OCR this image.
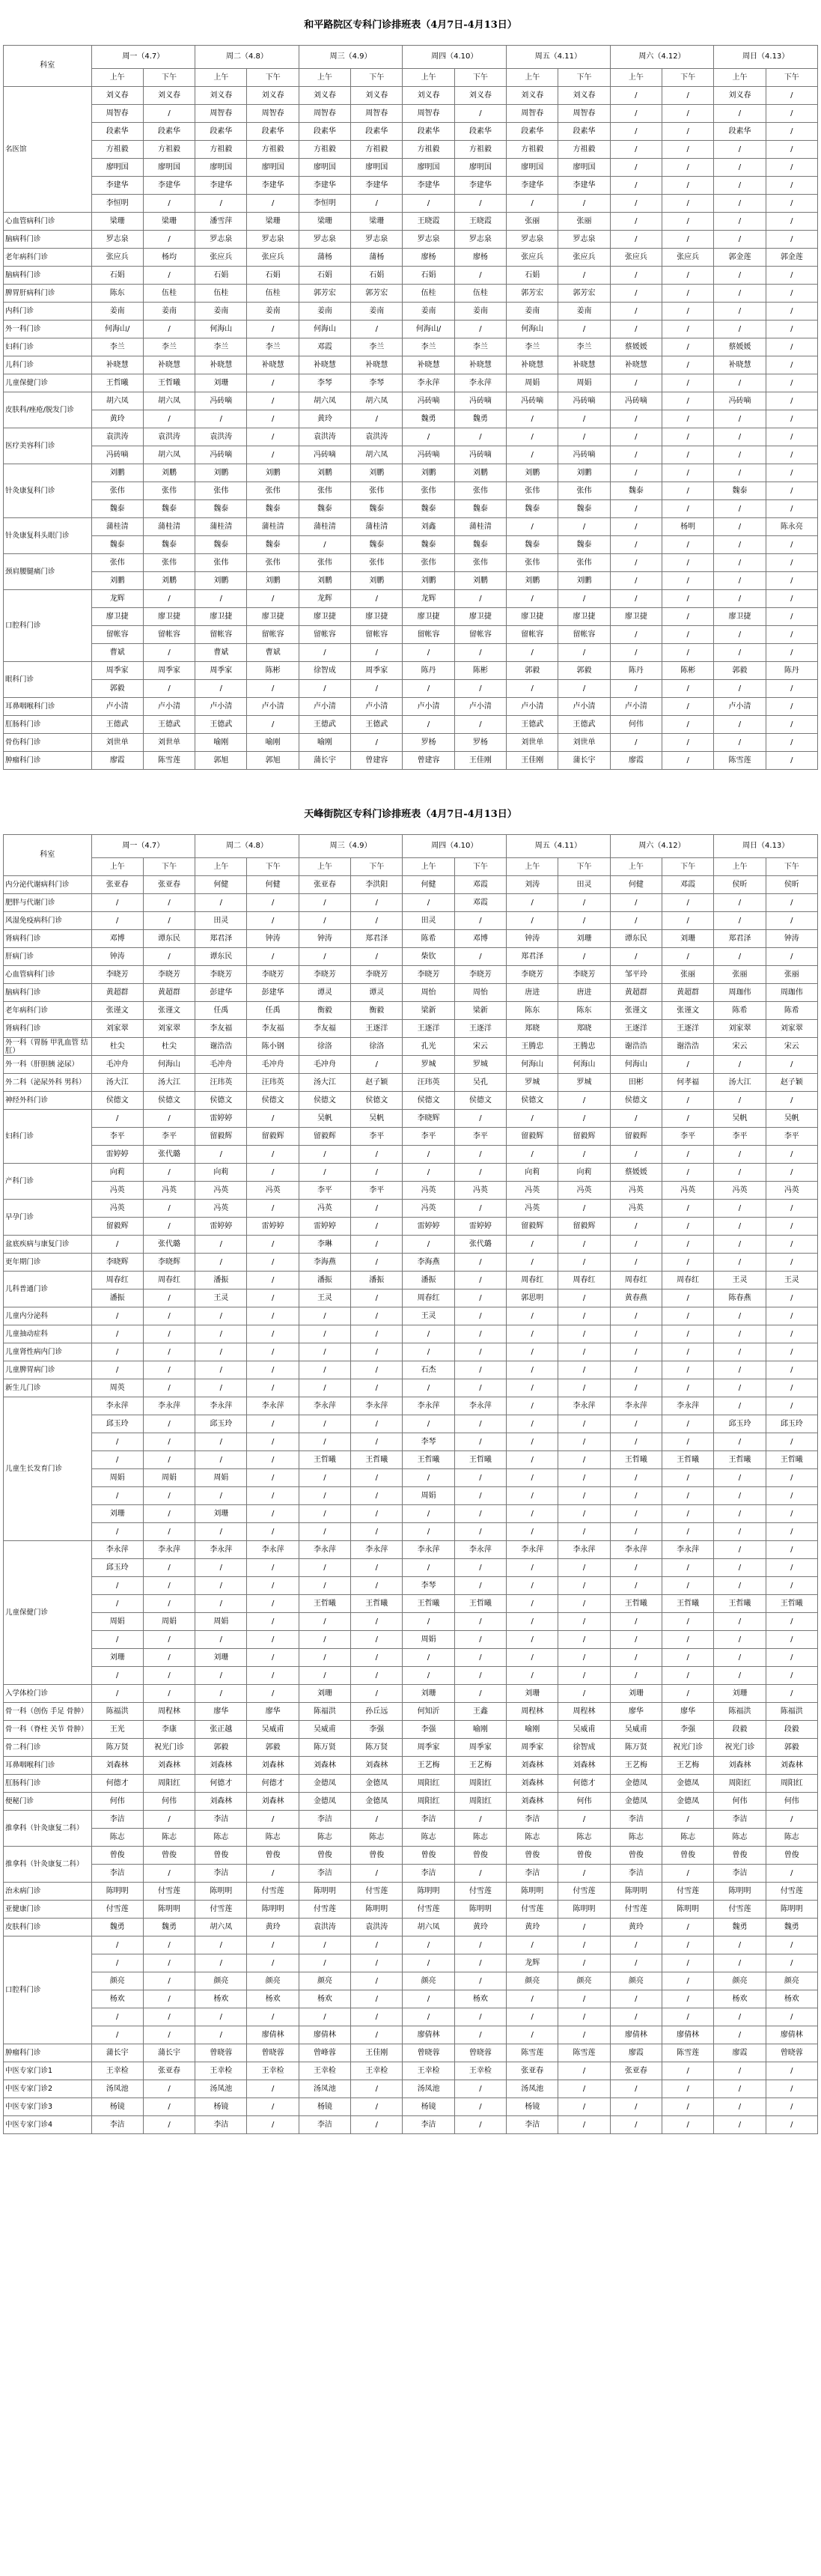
和平路院区专科门诊排班表（4月7日-4月13日）
科室	周一（4.7）		周二（4.8）		周三（4.9）		周四（4.10）		周五（4.11）		周六（4.12）		周日（4.13）	
	上午	下午	上午	下午	上午	下午	上午	下午	上午	下午	上午	下午	上午	下午
名医馆	刘义春	刘义春	刘义春	刘义春	刘义春	刘义春	刘义春	刘义春	刘义春	刘义春	/	/	刘义春	/
	周智春	/	周智春	周智春	周智春	周智春	周智春	/	周智春	周智春	/	/	/	/
	段素华	段素华	段素华	段素华	段素华	段素华	段素华	段素华	段素华	段素华	/	/	段素华	/
	方祖毅	方祖毅	方祖毅	方祖毅	方祖毅	方祖毅	方祖毅	方祖毅	方祖毅	方祖毅	/	/	/	/
	廖明国	廖明国	廖明国	廖明国	廖明国	廖明国	廖明国	廖明国	廖明国	廖明国	/	/	/	/
	李建华	李建华	李建华	李建华	李建华	李建华	李建华	李建华	李建华	李建华	/	/	/	/
	李恒明	/	/	/	李恒明	/	/	/	/	/	/	/	/	/
心血管病科门诊	梁珊	梁珊	潘雪萍	梁珊	梁珊	梁珊	王晓霞	王晓霞	张丽	张丽	/	/	/	/
脑病科门诊	罗志泉	/	罗志泉	罗志泉	罗志泉	罗志泉	罗志泉	罗志泉	罗志泉	罗志泉	/	/	/	/
老年病科门诊	张应兵	杨均	张应兵	张应兵	蒲杨	蒲杨	廖杨	廖杨	张应兵	张应兵	张应兵	张应兵	郭金莲	郭金莲
脑病科门诊	石娟	/	石娟	石娟	石娟	石娟	石娟	/	石娟	/	/	/	/	/
脾胃肝病科门诊	陈东	伍桂	伍桂	伍桂	郭芳宏	郭芳宏	伍桂	伍桂	郭芳宏	郭芳宏	/	/	/	/
内科门诊	姜南	姜南	姜南	姜南	姜南	姜南	姜南	姜南	姜南	姜南	/	/	/	/
外一科门诊	何海山/	/	何海山	/	何海山	/	何海山/	/	何海山	/	/	/	/	/
妇科门诊	李兰	李兰	李兰	李兰	邓霞	李兰	李兰	李兰	李兰	李兰	蔡媛媛	/	蔡媛媛	/
儿科门诊	补晓慧	补晓慧	补晓慧	补晓慧	补晓慧	补晓慧	补晓慧	补晓慧	补晓慧	补晓慧	补晓慧	/	补晓慧	/
儿童保健门诊	王哲曦	王哲曦	刘珊	/	李琴	李琴	李永萍	李永萍	周娟	周娟	/	/	/	/
皮肤科/痤疮/脱发门诊	胡六凤	胡六凤	冯砖嘀	/	胡六凤	胡六凤	冯砖嘀	冯砖嘀	冯砖嘀	冯砖嘀	冯砖嘀	/	冯砖嘀	/
	黄玲	/	/	/	黄玲	/	魏勇	魏勇	/	/	/	/	/	/
医疗美容科门诊	袁洪涛	袁洪涛	袁洪涛	/	袁洪涛	袁洪涛	/	/	/	/	/	/	/	/
	冯砖嘀	胡六凤	冯砖嘀	/	冯砖嘀	胡六凤	冯砖嘀	冯砖嘀	/	冯砖嘀	/	/	/	/
针灸康复科门诊	刘鹏	刘鹏	刘鹏	刘鹏	刘鹏	刘鹏	刘鹏	刘鹏	刘鹏	刘鹏	/	/	/	/
	张伟	张伟	张伟	张伟	张伟	张伟	张伟	张伟	张伟	张伟	魏泰	/	魏泰	/
	魏泰	魏泰	魏泰	魏泰	魏泰	魏泰	魏泰	魏泰	魏泰	魏泰	/	/	/	/
针灸康复科头眼门诊	蒲桂清	蒲桂清	蒲桂清	蒲桂清	蒲桂清	蒲桂清	刘鑫	蒲桂清	/	/	/	杨明	/	陈永亮
	魏泰	魏泰	魏泰	魏泰	/	魏泰	魏泰	魏泰	魏泰	魏泰	/	/	/	/
颈肩腰腿痛门诊	张伟	张伟	张伟	张伟	张伟	张伟	张伟	张伟	张伟	张伟	/	/	/	/
	刘鹏	刘鹏	刘鹏	刘鹏	刘鹏	刘鹏	刘鹏	刘鹏	刘鹏	刘鹏	/	/	/	/
口腔科门诊	龙辉	/	/	/	龙辉	/	龙辉	/	/	/	/	/	/	/
	廖卫捷	廖卫捷	廖卫捷	廖卫捷	廖卫捷	廖卫捷	廖卫捷	廖卫捷	廖卫捷	廖卫捷	廖卫捷	/	廖卫捷	/
	留帐容	留帐容	留帐容	留帐容	留帐容	留帐容	留帐容	留帐容	留帐容	留帐容	/	/	/	/
	曹斌	/	曹斌	曹斌	/	/	/	/	/	/	/	/	/	/
眼科门诊	周季家	周季家	周季家	陈彬	徐智成	周季家	陈丹	陈彬	郭毅	郭毅	陈丹	陈彬	郭毅	陈丹
	郭毅	/	/	/	/	/	/	/	/	/	/	/	/	/
耳鼻咽喉科门诊	卢小清	卢小清	卢小清	卢小清	卢小清	卢小清	卢小清	卢小清	卢小清	卢小清	卢小清	/	卢小清	/
肛肠科门诊	王德武	王德武	王德武	/	王德武	王德武	/	/	王德武	王德武	何伟	/	/	/
骨伤科门诊	刘世单	刘世单	喻刚	喻刚	喻刚	/	罗杨	罗杨	刘世单	刘世单	/	/	/	/
肿瘤科门诊	廖霞	陈雪莲	郭旭	郭旭	蒲长宇	曾建容	曾建容	王佳刚	王佳刚	蒲长宇	廖霞	/	陈雪莲	/
天峰街院区专科门诊排班表（4月7日-4月13日）
科室	周一（4.7）		周二（4.8）		周三（4.9）		周四（4.10）		周五（4.11）		周六（4.12）		周日（4.13）	
	上午	下午	上午	下午	上午	下午	上午	下午	上午	下午	上午	下午	上午	下午
内分泌代谢病科门诊	张亚春	张亚春	何健	何健	张亚春	李洪阳	何健	邓霞	刘涛	田灵	何健	邓霞	侯昕	侯昕
肥胖与代谢门诊	/	/	/	/	/	/	/	邓霞	/	/	/	/	/	/
风湿免疫病科门诊	/	/	田灵	/	/	/	田灵	/	/	/	/	/	/	/
肾病科门诊	邓博	谭东民	郑君泽	钟涛	钟涛	郑君泽	陈希	邓博	钟涛	刘珊	谭东民	刘珊	郑君泽	钟涛
肝病门诊	钟涛	/	谭东民	/	/	/	柴钦	/	郑君泽	/	/	/	/	/
心血管病科门诊	李晓芳	李晓芳	李晓芳	李晓芳	李晓芳	李晓芳	李晓芳	李晓芳	李晓芳	李晓芳	邹平玲	张丽	张丽	张丽
脑病科门诊	黄超群	黄超群	彭建华	彭建华	谭灵	谭灵	周怡	周怡	唐进	唐进	黄超群	黄超群	周珈伟	周珈伟
老年病科门诊	张谨文	张谨文	任禹	任禹	衡毅	衡毅	梁新	梁新	陈东	陈东	张谨文	张谨文	陈希	陈希
肾病科门诊	刘家翠	刘家翠	李友福	李友福	李友福	王逐洋	王逐洋	王逐洋	郑晓	郑晓	王逐洋	王逐洋	刘家翠	刘家翠
外一科（胃肠 甲乳血管 结肛）	杜尖	杜尖	谢浩浩	陈小钢	徐洛	徐洛	孔光	宋云	王腾忠	王腾忠	谢浩浩	谢浩浩	宋云	宋云
外一科（肝胆胰 泌尿）	毛冲舟	何海山	毛冲舟	毛冲舟	毛冲舟	/	罗城	罗城	何海山	何海山	何海山	/	/	/
外二科（泌尿外科 男科）	汤大江	汤大江	汪玮英	汪玮英	汤大江	赵子颖	汪玮英	吴孔	罗城	罗城	田彬	何孝福	汤大江	赵子颖
神经外科门诊	侯德文	侯德文	侯德文	侯德文	侯德文	侯德文	侯德文	侯德文	侯德文	/	侯德文	/	/	/
妇科门诊	/	/	雷婷婷	/	吴帆	吴帆	李晓辉	/	/	/	/	/	吴帆	吴帆
	李平	李平	留毅辉	留毅辉	留毅辉	李平	李平	李平	留毅辉	留毅辉	留毅辉	李平	李平	李平
	雷婷婷	张代璐	/	/	/	/	/	/	/	/	/	/	/	/
产科门诊	向莉	/	向莉	/	/	/	/	/	向莉	向莉	蔡媛媛	/	/	/
	冯英	冯英	冯英	冯英	李平	李平	冯英	冯英	冯英	冯英	冯英	冯英	冯英	冯英
早孕门诊	冯英	/	冯英	/	冯英	/	冯英	/	冯英	/	冯英	/	/	/
	留毅辉	/	雷婷婷	雷婷婷	雷婷婷	/	雷婷婷	雷婷婷	留毅辉	留毅辉	/	/	/	/
盆底疾病与康复门诊	/	张代璐	/	/	李琳	/	/	张代璐	/	/	/	/	/	/
更年期门诊	李晓辉	李晓辉	/	/	李海燕	/	李海燕	/	/	/	/	/	/	/
儿科普通门诊	周春红	周春红	潘振	/	潘振	潘振	潘振	/	周春红	周春红	周春红	周春红	王灵	王灵
	潘振	/	王灵	/	王灵	/	周春红	/	郭思明	/	黄春燕	/	陈春燕	/
儿童内分泌科	/	/	/	/	/	/	王灵	/	/	/	/	/	/	/
儿童抽动症科	/	/	/	/	/	/	/	/	/	/	/	/	/	/
儿童肾性病内门诊	/	/	/	/	/	/	/	/	/	/	/	/	/	/
儿童脾胃病门诊	/	/	/	/	/	/	石杰	/	/	/	/	/	/	/
新生儿门诊	周英	/	/	/	/	/	/	/	/	/	/	/	/	/
儿童生长发育门诊	李永萍	李永萍	李永萍	李永萍	李永萍	李永萍	李永萍	李永萍	/	李永萍	李永萍	李永萍	/	/
	邱玉玲	/	邱玉玲	/	/	/	/	/	/	/	/	/	邱玉玲	邱玉玲
	/	/	/	/	/	/	李琴	/	/	/	/	/	/	/
	/	/	/	/	王哲曦	王哲曦	王哲曦	王哲曦	/	/	王哲曦	王哲曦	王哲曦	王哲曦
	周娟	周娟	周娟	/	/	/	/	/	/	/	/	/	/	/
	/	/	/	/	/	/	周娟	/	/	/	/	/	/	/
	刘珊	/	刘珊	/	/	/	/	/	/	/	/	/	/	/
	/	/	/	/	/	/	/	/	/	/	/	/	/	/
儿童保健门诊	李永萍	李永萍	李永萍	李永萍	李永萍	李永萍	李永萍	李永萍	李永萍	李永萍	李永萍	李永萍	/	/
	邱玉玲	/	/	/	/	/	/	/	/	/	/	/	/	/
	/	/	/	/	/	/	李琴	/	/	/	/	/	/	/
	/	/	/	/	王哲曦	王哲曦	王哲曦	王哲曦	/	/	王哲曦	王哲曦	王哲曦	王哲曦
	周娟	周娟	周娟	/	/	/	/	/	/	/	/	/	/	/
	/	/	/	/	/	/	周娟	/	/	/	/	/	/	/
	刘珊	/	刘珊	/	/	/	/	/	/	/	/	/	/	/
	/	/	/	/	/	/	/	/	/	/	/	/	/	/
入学体检门诊	/	/	/	/	刘珊	/	刘珊	/	刘珊	/	刘珊	/	刘珊	/
骨一科（创伤 手足 骨肿）	陈福洪	周程林	廖华	廖华	陈福洪	孙丘远	何知沂	王鑫	周程林	周程林	廖华	廖华	陈福洪	陈福洪
骨一科（脊柱 关节 骨肿）	王光	李康	张正越	吴威甫	吴威甫	李强	李强	喻刚	喻刚	吴威甫	吴威甫	李强	段毅	段毅
骨二科门诊	陈万贤	祝光门诊	郭毅	郭毅	陈万贤	陈万贤	周季家	周季家	周季家	徐智成	陈万贤	祝光门诊	祝光门诊	郭毅
耳鼻咽喉科门诊	刘森林	刘森林	刘森林	刘森林	刘森林	刘森林	王艺梅	王艺梅	刘森林	刘森林	王艺梅	王艺梅	刘森林	刘森林
肛肠科门诊	何德才	周阳红	何德才	何德才	金德凤	金德凤	周阳红	周阳红	刘森林	何德才	金德凤	金德凤	周阳红	周阳红
便秘门诊	何伟	何伟	刘森林	刘森林	金德凤	金德凤	周阳红	周阳红	刘森林	何伟	金德凤	金德凤	何伟	何伟
推拿科（针灸康复二科）	李洁	/	李洁	/	李洁	/	李洁	/	李洁	/	李洁	/	李洁	/
	陈志	陈志	陈志	陈志	陈志	陈志	陈志	陈志	陈志	陈志	陈志	陈志	陈志	陈志
推拿科（针灸康复二科）	曾俊	曾俊	曾俊	曾俊	曾俊	曾俊	曾俊	曾俊	曾俊	曾俊	曾俊	曾俊	曾俊	曾俊
	李洁	/	李洁	/	李洁	/	李洁	/	李洁	/	李洁	/	李洁	/
治未病门诊	陈明明	付雪莲	陈明明	付雪莲	陈明明	付雪莲	陈明明	付雪莲	陈明明	付雪莲	陈明明	付雪莲	陈明明	付雪莲
亚健康门诊	付雪莲	陈明明	付雪莲	陈明明	付雪莲	陈明明	付雪莲	陈明明	付雪莲	陈明明	付雪莲	陈明明	付雪莲	陈明明
皮肤科门诊	魏勇	魏勇	胡六凤	黄玲	袁洪涛	袁洪涛	胡六凤	黄玲	黄玲	/	黄玲	/	魏勇	魏勇
口腔科门诊	/	/	/	/	/	/	/	/	/	/	/	/	/	/
	/	/	/	/	/	/	/	/	龙辉	/	/	/	/	/
	颜亮	/	颜亮	颜亮	颜亮	/	颜亮	/	颜亮	颜亮	颜亮	/	颜亮	颜亮
	杨欢	/	杨欢	杨欢	杨欢	/	/	杨欢	/	/	/	/	杨欢	杨欢
	/	/	/	/	/	/	/	/	/	/	/	/	/	/
	/	/	/	廖倩林	廖倩林	/	廖倩林	/	/	/	廖倩林	廖倩林	/	廖倩林
肿瘤科门诊	蒲长宇	蒲长宇	曾晓蓉	曾晓蓉	曾峰蓉	王佳刚	曾晓蓉	曾晓蓉	陈雪莲	陈雪莲	廖霞	陈雪莲	廖霞	曾晓蓉
中医专家门诊1	王幸检	张亚春	王幸检	王幸检	王幸检	王幸检	王幸检	王幸检	张亚春	/	张亚春	/	/	/
中医专家门诊2	汤凤池	/	汤凤池	/	汤凤池	/	汤凤池	/	汤凤池	/	/	/	/	/
中医专家门诊3	杨镜	/	杨镜	/	杨镜	/	杨镜	/	杨镜	/	/	/	/	/
中医专家门诊4	李洁	/	李洁	/	李洁	/	李洁	/	李洁	/	/	/	/	/
